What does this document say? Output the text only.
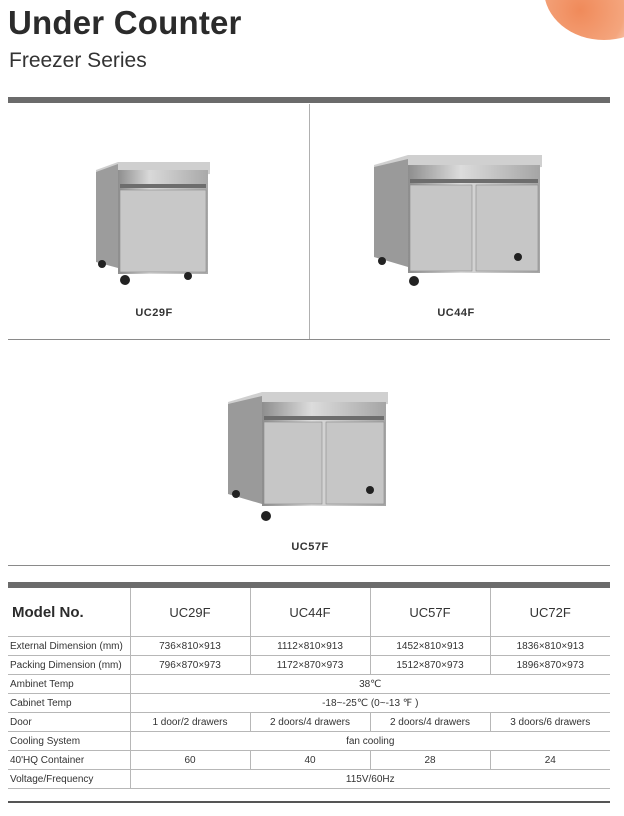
Under Counter
Freezer Series
UC29F	UC44F
UC57F
Model No.	UC29F	UC44F	UC57F	UC72F
External Dimension (mm)	736×810×913	1112×810×913	1452×810×913	1836×810×913
Packing Dimension (mm)	796×870×973	1172×870×973	1512×870×973	1896×870×973
Ambinet Temp	38℃			
Cabinet Temp	-18~-25℃ (0~-13 ℉ )			
Door	1 door/2 drawers	2 doors/4 drawers	2 doors/4 drawers	3 doors/6 drawers
Cooling System	fan cooling			
40'HQ Container	60	40	28	24
Voltage/Frequency	115V/60Hz			
